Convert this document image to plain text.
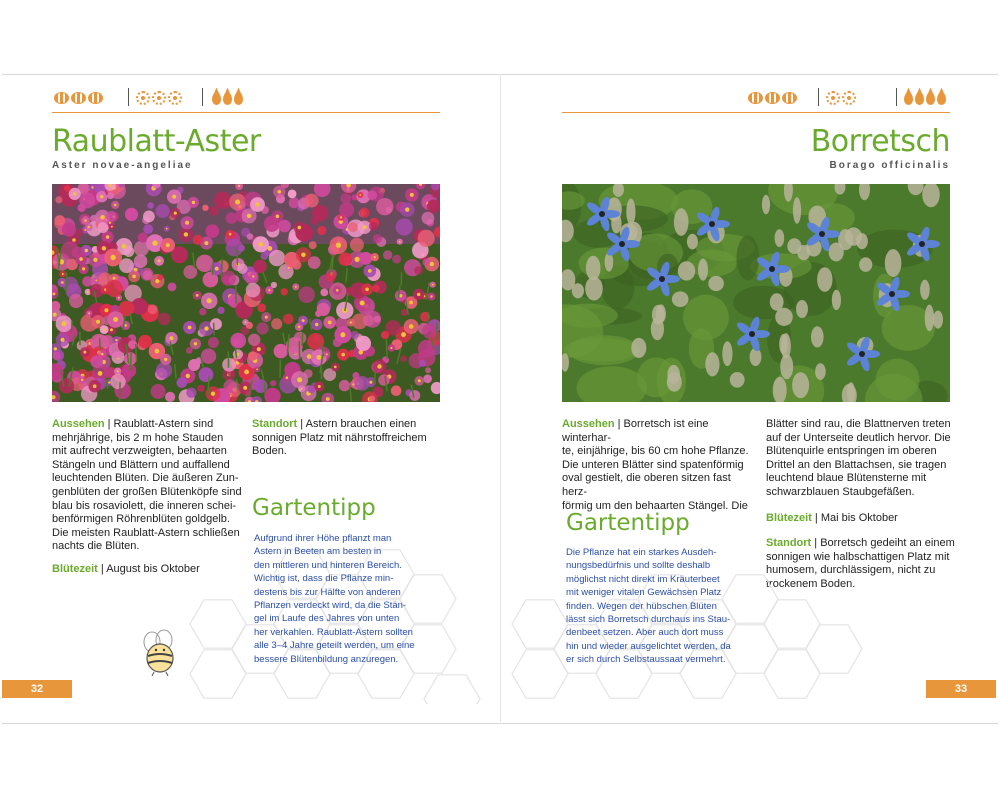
Raublatt-Aster
Aster novae-angeliae
Aussehen | Raublatt-Astern sind
mehrjährige, bis 2 m hohe Stauden
mit aufrecht verzweigten, behaarten
Stängeln und Blättern und auffallend
leuchtenden Blüten. Die äußeren Zun-
genblüten der großen Blütenköpfe sind
blau bis rosaviolett, die inneren schei-
benförmigen Röhrenblüten goldgelb.
Die meisten Raublatt-Astern schließen
nachts die Blüten.
Blütezeit | August bis Oktober
Standort | Astern brauchen einen
sonnigen Platz mit nährstoffreichem
Boden.
Gartentipp
Aufgrund ihrer Höhe pflanzt man
Astern in Beeten am besten in
den mittleren und hinteren Bereich.
Wichtig ist, dass die Pflanze min-
destens bis zur Hälfte von anderen
Pflanzen verdeckt wird, da die Stän-
gel im Laufe des Jahres von unten
her verkahlen. Raublatt-Astern sollten
alle 3–4 Jahre geteilt werden, um eine
bessere Blütenbildung anzuregen.
32
Borretsch
Borago officinalis
Aussehen | Borretsch ist eine winterhar-
te, einjährige, bis 60 cm hohe Pflanze.
Die unteren Blätter sind spatenförmig
oval gestielt, die oberen sitzen fast herz-
förmig um den behaarten Stängel. Die
Blätter sind rau, die Blattnerven treten
auf der Unterseite deutlich hervor. Die
Blütenquirle entspringen im oberen
Drittel an den Blattachsen, sie tragen
leuchtend blaue Blütensterne mit
schwarzblauen Staubgefäßen.
Blütezeit | Mai bis Oktober
Standort | Borretsch gedeiht an einem
sonnigen wie halbschattigen Platz mit
humosem, durchlässigem, nicht zu
trockenem Boden.
Gartentipp
Die Pflanze hat ein starkes Ausdeh-
nungsbedürfnis und sollte deshalb
möglichst nicht direkt im Kräuterbeet
mit weniger vitalen Gewächsen Platz
finden. Wegen der hübschen Blüten
lässt sich Borretsch durchaus ins Stau-
denbeet setzen. Aber auch dort muss
hin und wieder ausgelichtet werden, da
er sich durch Selbstaussaat vermehrt.
33
